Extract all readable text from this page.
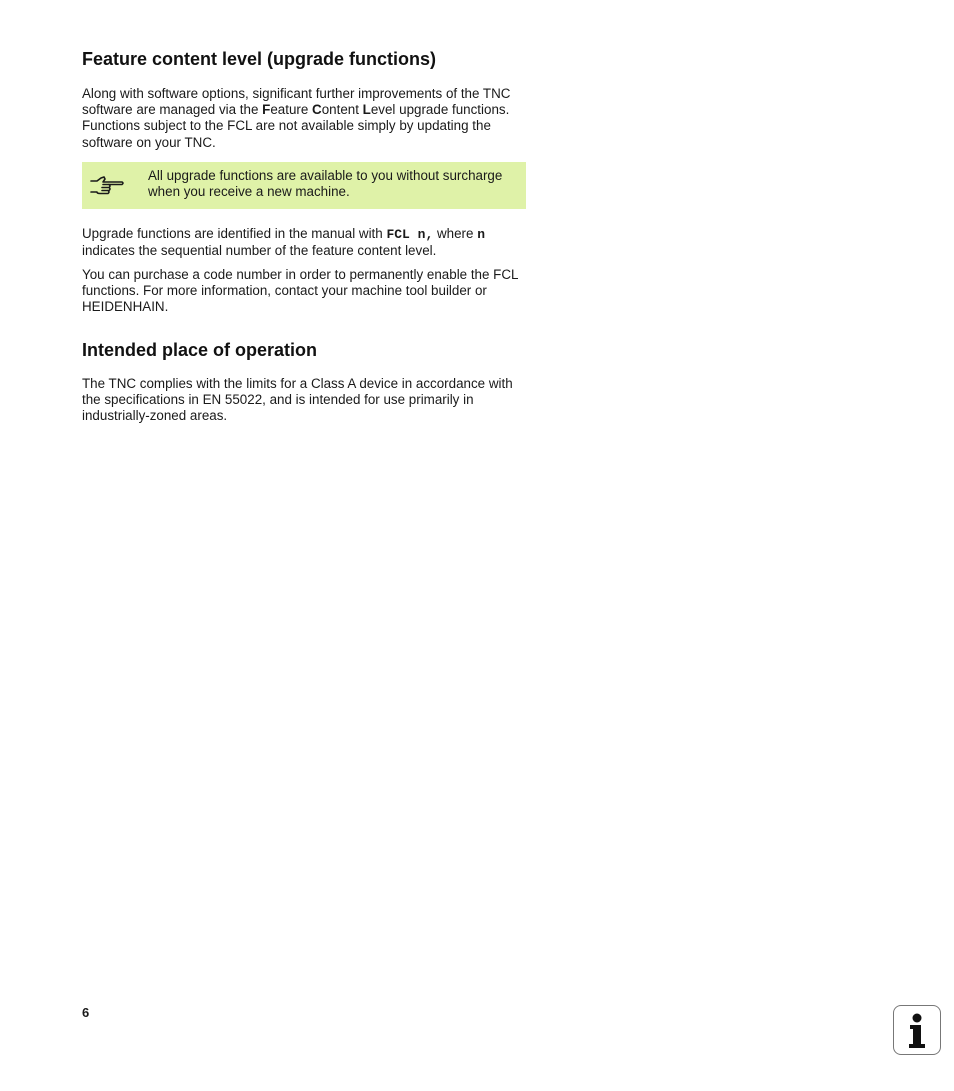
Feature content level (upgrade functions)

Along with software options, significant further improvements of the TNC software are managed via the Feature Content Level upgrade functions. Functions subject to the FCL are not available simply by updating the software on your TNC.

All upgrade functions are available to you without surcharge when you receive a new machine.

Upgrade functions are identified in the manual with FCL n, where n
indicates the sequential number of the feature content level.

You can purchase a code number in order to permanently enable the FCL functions. For more information, contact your machine tool builder or HEIDENHAIN.

Intended place of operation

The TNC complies with the limits for a Class A device in accordance with the specifications in EN 55022, and is intended for use primarily in industrially-zoned areas.

6
